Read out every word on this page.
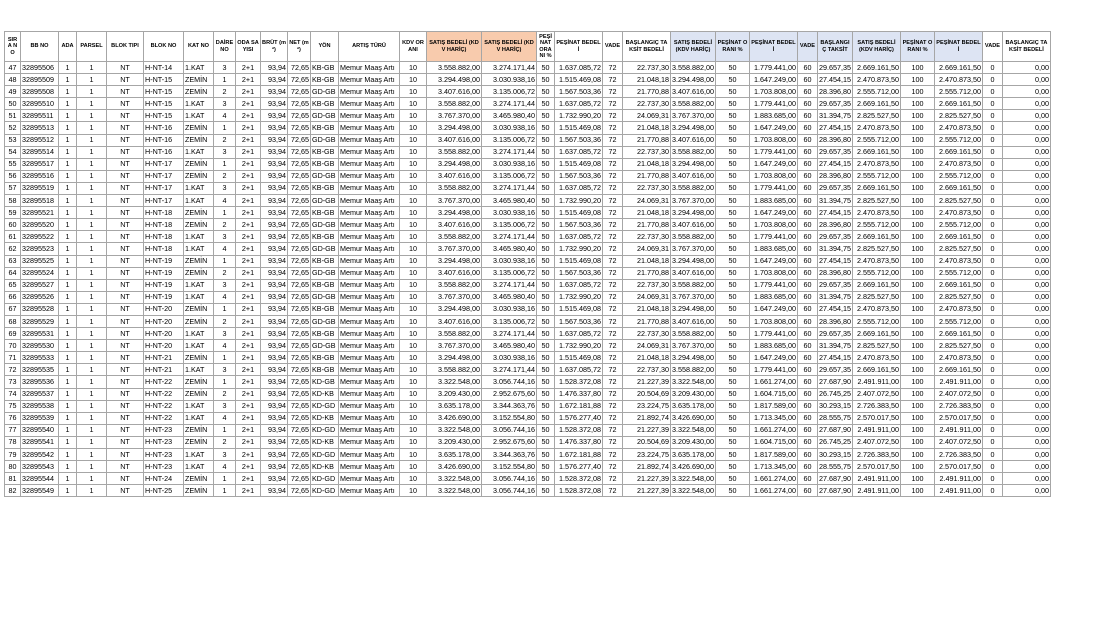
SIRA NO	BB NO	ADA	PARSEL	BLOK TIPI	BLOK NO	KAT NO	DAİRE NO	ODA SAYISI	BRÜT (m²)	NET (m²)	YÖN	ARTIŞ TÜRÜ	KDV ORANI	SATIŞ BEDELİ (KDV HARİÇ)	SATIŞ BEDELİ (KDV HARİÇ)	PEŞİNAT ORANI %	PEŞİNAT BEDELİ	VADE	BAŞLANGIÇ TAKSİT BEDELİ	SATIŞ BEDELİ (KDV HARİÇ)	PEŞİNAT ORANI %	PEŞİNAT BEDELİ	VADE	BAŞLANGIÇ TAKSİT	SATIŞ BEDELİ (KDV HARİÇ)	PEŞİNAT ORANI %	PEŞİNAT BEDELİ	VADE	BAŞLANGIÇ TAKSİT BEDELİ
47	32895506	1	1	NT	H-NT-14	1.KAT	3	2+1	93,94	72,65	KB-GB	Memur Maaş Artı	10	3.558.882,00	3.274.171,44	50	1.637.085,72	72	22.737,30	3.558.882,00	50	1.779.441,00	60	29.657,35	2.669.161,50	100	2.669.161,50	0	0,00
48	32895509	1	1	NT	H-NT-15	ZEMİN	1	2+1	93,94	72,65	KB-GB	Memur Maaş Artı	10	3.294.498,00	3.030.938,16	50	1.515.469,08	72	21.048,18	3.294.498,00	50	1.647.249,00	60	27.454,15	2.470.873,50	100	2.470.873,50	0	0,00
49	32895508	1	1	NT	H-NT-15	ZEMİN	2	2+1	93,94	72,65	GD-GB	Memur Maaş Artı	10	3.407.616,00	3.135.006,72	50	1.567.503,36	72	21.770,88	3.407.616,00	50	1.703.808,00	60	28.396,80	2.555.712,00	100	2.555.712,00	0	0,00
50	32895510	1	1	NT	H-NT-15	1.KAT	3	2+1	93,94	72,65	KB-GB	Memur Maaş Artı	10	3.558.882,00	3.274.171,44	50	1.637.085,72	72	22.737,30	3.558.882,00	50	1.779.441,00	60	29.657,35	2.669.161,50	100	2.669.161,50	0	0,00
51	32895511	1	1	NT	H-NT-15	1.KAT	4	2+1	93,94	72,65	GD-GB	Memur Maaş Artı	10	3.767.370,00	3.465.980,40	50	1.732.990,20	72	24.069,31	3.767.370,00	50	1.883.685,00	60	31.394,75	2.825.527,50	100	2.825.527,50	0	0,00
52	32895513	1	1	NT	H-NT-16	ZEMİN	1	2+1	93,94	72,65	KB-GB	Memur Maaş Artı	10	3.294.498,00	3.030.938,16	50	1.515.469,08	72	21.048,18	3.294.498,00	50	1.647.249,00	60	27.454,15	2.470.873,50	100	2.470.873,50	0	0,00
53	32895512	1	1	NT	H-NT-16	ZEMİN	2	2+1	93,94	72,65	GD-GB	Memur Maaş Artı	10	3.407.616,00	3.135.006,72	50	1.567.503,36	72	21.770,88	3.407.616,00	50	1.703.808,00	60	28.396,80	2.555.712,00	100	2.555.712,00	0	0,00
54	32895514	1	1	NT	H-NT-16	1.KAT	3	2+1	93,94	72,65	KB-GB	Memur Maaş Artı	10	3.558.882,00	3.274.171,44	50	1.637.085,72	72	22.737,30	3.558.882,00	50	1.779.441,00	60	29.657,35	2.669.161,50	100	2.669.161,50	0	0,00
55	32895517	1	1	NT	H-NT-17	ZEMİN	1	2+1	93,94	72,65	KB-GB	Memur Maaş Artı	10	3.294.498,00	3.030.938,16	50	1.515.469,08	72	21.048,18	3.294.498,00	50	1.647.249,00	60	27.454,15	2.470.873,50	100	2.470.873,50	0	0,00
56	32895516	1	1	NT	H-NT-17	ZEMİN	2	2+1	93,94	72,65	GD-GB	Memur Maaş Artı	10	3.407.616,00	3.135.006,72	50	1.567.503,36	72	21.770,88	3.407.616,00	50	1.703.808,00	60	28.396,80	2.555.712,00	100	2.555.712,00	0	0,00
57	32895519	1	1	NT	H-NT-17	1.KAT	3	2+1	93,94	72,65	KB-GB	Memur Maaş Artı	10	3.558.882,00	3.274.171,44	50	1.637.085,72	72	22.737,30	3.558.882,00	50	1.779.441,00	60	29.657,35	2.669.161,50	100	2.669.161,50	0	0,00
58	32895518	1	1	NT	H-NT-17	1.KAT	4	2+1	93,94	72,65	GD-GB	Memur Maaş Artı	10	3.767.370,00	3.465.980,40	50	1.732.990,20	72	24.069,31	3.767.370,00	50	1.883.685,00	60	31.394,75	2.825.527,50	100	2.825.527,50	0	0,00
59	32895521	1	1	NT	H-NT-18	ZEMİN	1	2+1	93,94	72,65	KB-GB	Memur Maaş Artı	10	3.294.498,00	3.030.938,16	50	1.515.469,08	72	21.048,18	3.294.498,00	50	1.647.249,00	60	27.454,15	2.470.873,50	100	2.470.873,50	0	0,00
60	32895520	1	1	NT	H-NT-18	ZEMİN	2	2+1	93,94	72,65	GD-GB	Memur Maaş Artı	10	3.407.616,00	3.135.006,72	50	1.567.503,36	72	21.770,88	3.407.616,00	50	1.703.808,00	60	28.396,80	2.555.712,00	100	2.555.712,00	0	0,00
61	32895522	1	1	NT	H-NT-18	1.KAT	3	2+1	93,94	72,65	KB-GB	Memur Maaş Artı	10	3.558.882,00	3.274.171,44	50	1.637.085,72	72	22.737,30	3.558.882,00	50	1.779.441,00	60	29.657,35	2.669.161,50	100	2.669.161,50	0	0,00
62	32895523	1	1	NT	H-NT-18	1.KAT	4	2+1	93,94	72,65	GD-GB	Memur Maaş Artı	10	3.767.370,00	3.465.980,40	50	1.732.990,20	72	24.069,31	3.767.370,00	50	1.883.685,00	60	31.394,75	2.825.527,50	100	2.825.527,50	0	0,00
63	32895525	1	1	NT	H-NT-19	ZEMİN	1	2+1	93,94	72,65	KB-GB	Memur Maaş Artı	10	3.294.498,00	3.030.938,16	50	1.515.469,08	72	21.048,18	3.294.498,00	50	1.647.249,00	60	27.454,15	2.470.873,50	100	2.470.873,50	0	0,00
64	32895524	1	1	NT	H-NT-19	ZEMİN	2	2+1	93,94	72,65	GD-GB	Memur Maaş Artı	10	3.407.616,00	3.135.006,72	50	1.567.503,36	72	21.770,88	3.407.616,00	50	1.703.808,00	60	28.396,80	2.555.712,00	100	2.555.712,00	0	0,00
65	32895527	1	1	NT	H-NT-19	1.KAT	3	2+1	93,94	72,65	KB-GB	Memur Maaş Artı	10	3.558.882,00	3.274.171,44	50	1.637.085,72	72	22.737,30	3.558.882,00	50	1.779.441,00	60	29.657,35	2.669.161,50	100	2.669.161,50	0	0,00
66	32895526	1	1	NT	H-NT-19	1.KAT	4	2+1	93,94	72,65	GD-GB	Memur Maaş Artı	10	3.767.370,00	3.465.980,40	50	1.732.990,20	72	24.069,31	3.767.370,00	50	1.883.685,00	60	31.394,75	2.825.527,50	100	2.825.527,50	0	0,00
67	32895528	1	1	NT	H-NT-20	ZEMİN	1	2+1	93,94	72,65	KB-GB	Memur Maaş Artı	10	3.294.498,00	3.030.938,16	50	1.515.469,08	72	21.048,18	3.294.498,00	50	1.647.249,00	60	27.454,15	2.470.873,50	100	2.470.873,50	0	0,00
68	32895529	1	1	NT	H-NT-20	ZEMİN	2	2+1	93,94	72,65	GD-GB	Memur Maaş Artı	10	3.407.616,00	3.135.006,72	50	1.567.503,36	72	21.770,88	3.407.616,00	50	1.703.808,00	60	28.396,80	2.555.712,00	100	2.555.712,00	0	0,00
69	32895531	1	1	NT	H-NT-20	1.KAT	3	2+1	93,94	72,65	KB-GB	Memur Maaş Artı	10	3.558.882,00	3.274.171,44	50	1.637.085,72	72	22.737,30	3.558.882,00	50	1.779.441,00	60	29.657,35	2.669.161,50	100	2.669.161,50	0	0,00
70	32895530	1	1	NT	H-NT-20	1.KAT	4	2+1	93,94	72,65	GD-GB	Memur Maaş Artı	10	3.767.370,00	3.465.980,40	50	1.732.990,20	72	24.069,31	3.767.370,00	50	1.883.685,00	60	31.394,75	2.825.527,50	100	2.825.527,50	0	0,00
71	32895533	1	1	NT	H-NT-21	ZEMİN	1	2+1	93,94	72,65	KB-GB	Memur Maaş Artı	10	3.294.498,00	3.030.938,16	50	1.515.469,08	72	21.048,18	3.294.498,00	50	1.647.249,00	60	27.454,15	2.470.873,50	100	2.470.873,50	0	0,00
72	32895535	1	1	NT	H-NT-21	1.KAT	3	2+1	93,94	72,65	KB-GB	Memur Maaş Artı	10	3.558.882,00	3.274.171,44	50	1.637.085,72	72	22.737,30	3.558.882,00	50	1.779.441,00	60	29.657,35	2.669.161,50	100	2.669.161,50	0	0,00
73	32895536	1	1	NT	H-NT-22	ZEMİN	1	2+1	93,94	72,65	KD-GB	Memur Maaş Artı	10	3.322.548,00	3.056.744,16	50	1.528.372,08	72	21.227,39	3.322.548,00	50	1.661.274,00	60	27.687,90	2.491.911,00	100	2.491.911,00	0	0,00
74	32895537	1	1	NT	H-NT-22	ZEMİN	2	2+1	93,94	72,65	KD-KB	Memur Maaş Artı	10	3.209.430,00	2.952.675,60	50	1.476.337,80	72	20.504,69	3.209.430,00	50	1.604.715,00	60	26.745,25	2.407.072,50	100	2.407.072,50	0	0,00
75	32895538	1	1	NT	H-NT-22	1.KAT	3	2+1	93,94	72,65	KD-GD	Memur Maaş Artı	10	3.635.178,00	3.344.363,76	50	1.672.181,88	72	23.224,75	3.635.178,00	50	1.817.589,00	60	30.293,15	2.726.383,50	100	2.726.383,50	0	0,00
76	32895539	1	1	NT	H-NT-22	1.KAT	4	2+1	93,94	72,65	KD-KB	Memur Maaş Artı	10	3.426.690,00	3.152.554,80	50	1.576.277,40	72	21.892,74	3.426.690,00	50	1.713.345,00	60	28.555,75	2.570.017,50	100	2.570.017,50	0	0,00
77	32895540	1	1	NT	H-NT-23	ZEMİN	1	2+1	93,94	72,65	KD-GD	Memur Maaş Artı	10	3.322.548,00	3.056.744,16	50	1.528.372,08	72	21.227,39	3.322.548,00	50	1.661.274,00	60	27.687,90	2.491.911,00	100	2.491.911,00	0	0,00
78	32895541	1	1	NT	H-NT-23	ZEMİN	2	2+1	93,94	72,65	KD-KB	Memur Maaş Artı	10	3.209.430,00	2.952.675,60	50	1.476.337,80	72	20.504,69	3.209.430,00	50	1.604.715,00	60	26.745,25	2.407.072,50	100	2.407.072,50	0	0,00
79	32895542	1	1	NT	H-NT-23	1.KAT	3	2+1	93,94	72,65	KD-GD	Memur Maaş Artı	10	3.635.178,00	3.344.363,76	50	1.672.181,88	72	23.224,75	3.635.178,00	50	1.817.589,00	60	30.293,15	2.726.383,50	100	2.726.383,50	0	0,00
80	32895543	1	1	NT	H-NT-23	1.KAT	4	2+1	93,94	72,65	KD-KB	Memur Maaş Artı	10	3.426.690,00	3.152.554,80	50	1.576.277,40	72	21.892,74	3.426.690,00	50	1.713.345,00	60	28.555,75	2.570.017,50	100	2.570.017,50	0	0,00
81	32895544	1	1	NT	H-NT-24	ZEMİN	1	2+1	93,94	72,65	KD-GD	Memur Maaş Artı	10	3.322.548,00	3.056.744,16	50	1.528.372,08	72	21.227,39	3.322.548,00	50	1.661.274,00	60	27.687,90	2.491.911,00	100	2.491.911,00	0	0,00
82	32895549	1	1	NT	H-NT-25	ZEMİN	1	2+1	93,94	72,65	KD-GD	Memur Maaş Artı	10	3.322.548,00	3.056.744,16	50	1.528.372,08	72	21.227,39	3.322.548,00	50	1.661.274,00	60	27.687,90	2.491.911,00	100	2.491.911,00	0	0,00
